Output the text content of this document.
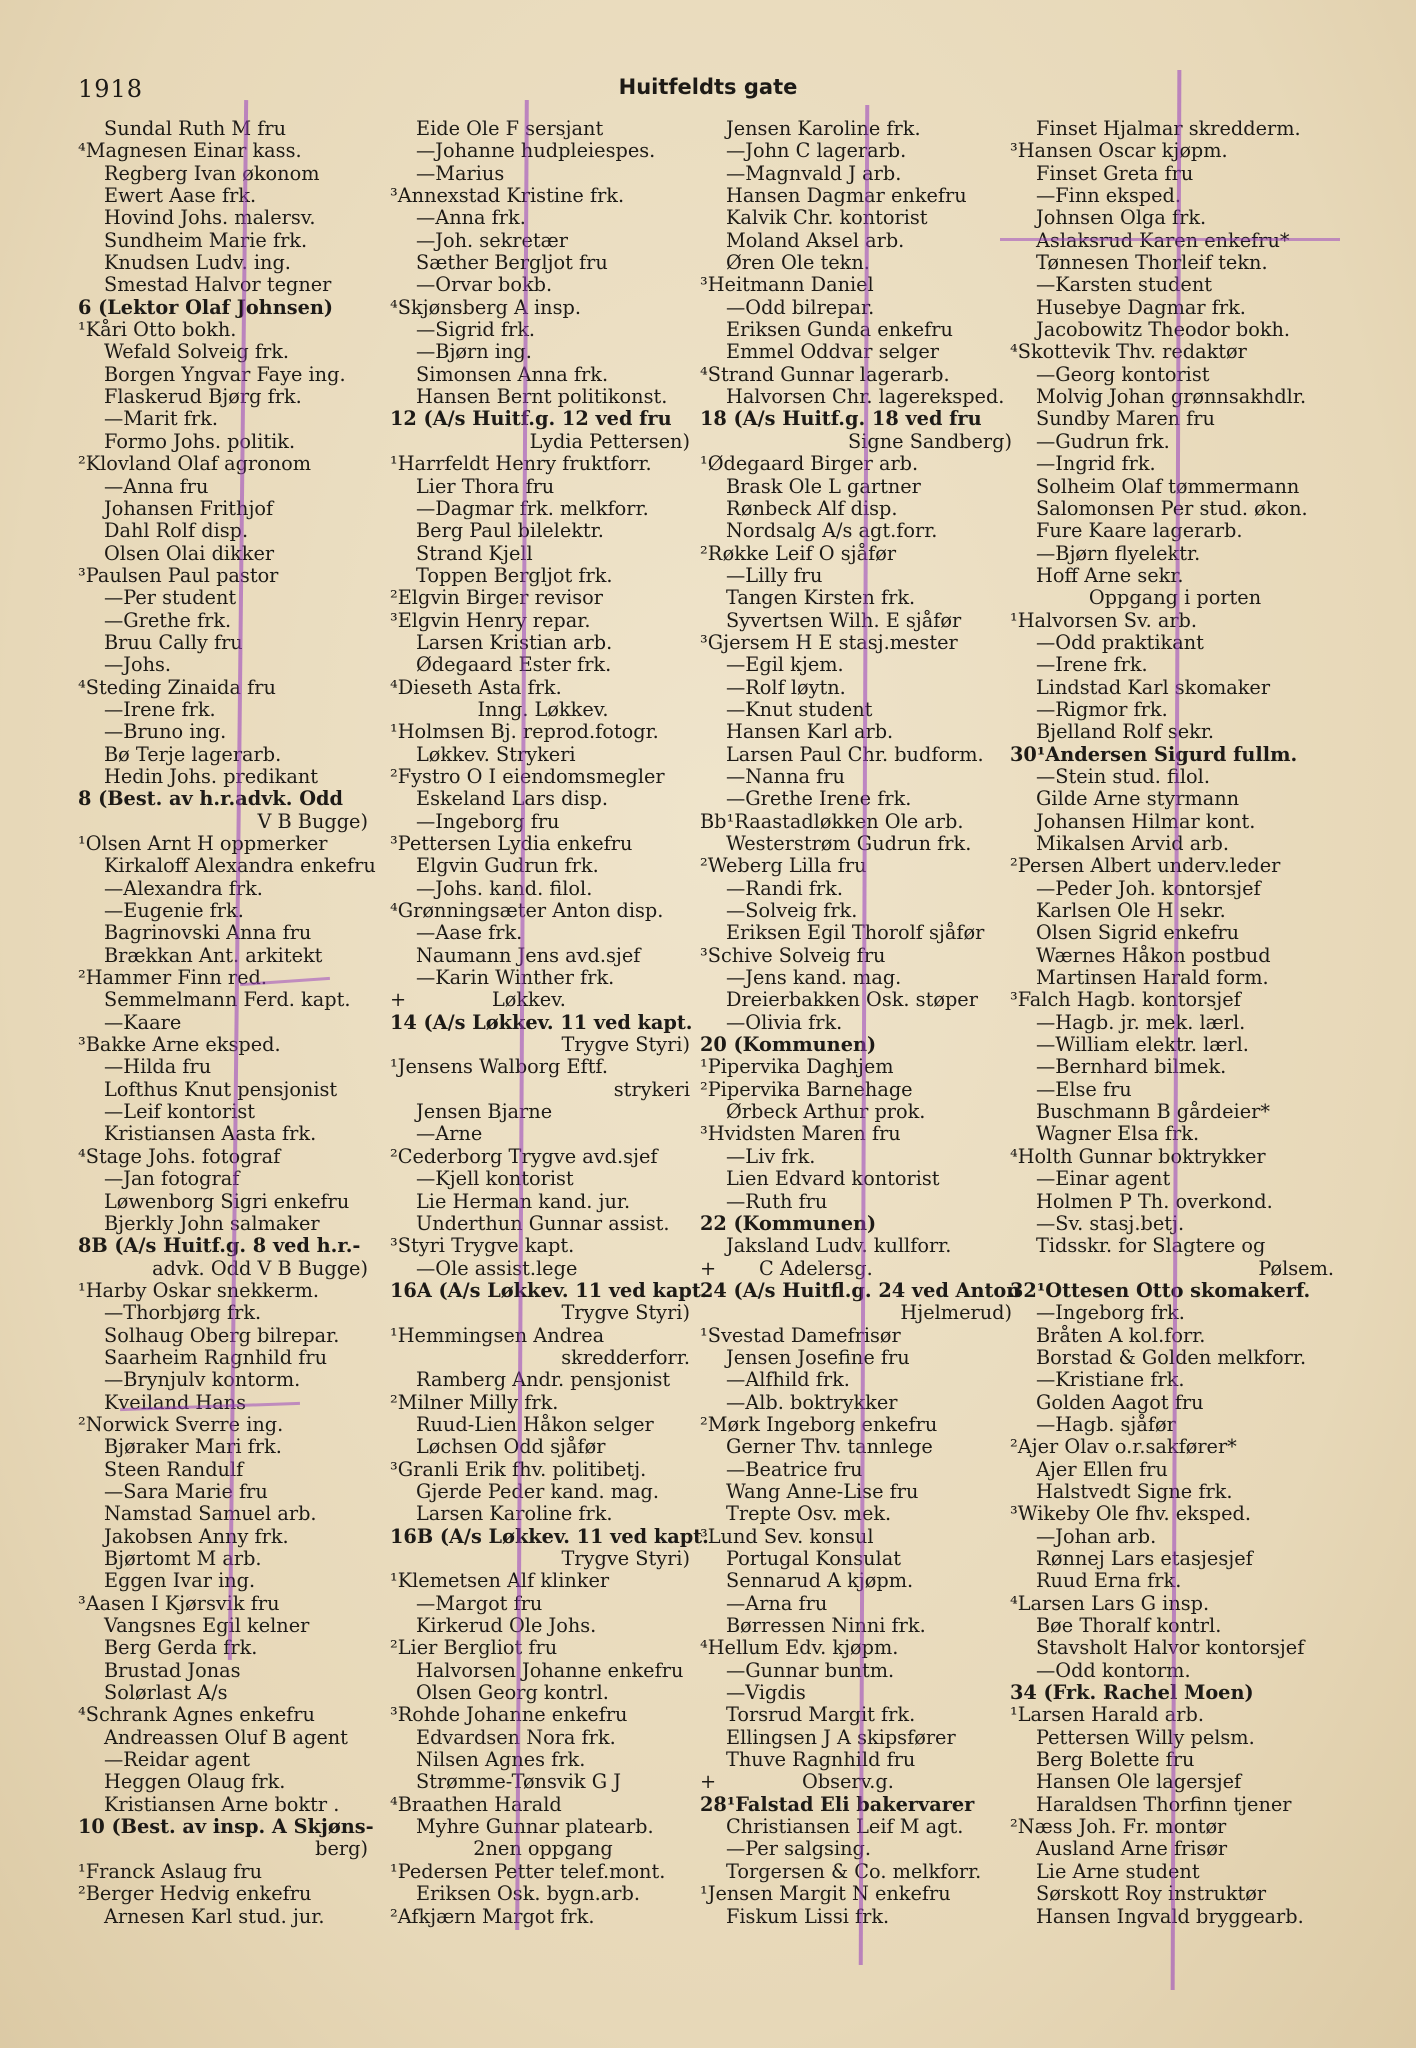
1918	Huitfeldts gate
Sundal Ruth M fru
⁴Magnesen Einar kass.
Regberg Ivan økonom
Ewert Aase frk.
Hovind Johs. malersv.
Sundheim Marie frk.
Knudsen Ludv. ing.
Smestad Halvor tegner
6 (Lektor Olaf Johnsen)
¹Kåri Otto bokh.
Wefald Solveig frk.
Borgen Yngvar Faye ing.
Flaskerud Bjørg frk.
—Marit frk.
Formo Johs. politik.
²Klovland Olaf agronom
—Anna fru
Johansen Frithjof
Dahl Rolf disp.
Olsen Olai dikker
³Paulsen Paul pastor
—Per student
—Grethe frk.
Bruu Cally fru
—Johs.
⁴Steding Zinaida fru
—Irene frk.
—Bruno ing.
Bø Terje lagerarb.
Hedin Johs. predikant
8 (Best. av h.r.advk. Odd
V B Bugge)
¹Olsen Arnt H oppmerker
Kirkaloff Alexandra enkefru
—Alexandra frk.
—Eugenie frk.
Bagrinovski Anna fru
Brækkan Ant. arkitekt
²Hammer Finn red.
Semmelmann Ferd. kapt.
—Kaare
³Bakke Arne eksped.
—Hilda fru
Lofthus Knut pensjonist
—Leif kontorist
Kristiansen Aasta frk.
⁴Stage Johs. fotograf
—Jan fotograf
Løwenborg Sigri enkefru
Bjerkly John salmaker
8B (A/s Huitf.g. 8 ved h.r.-
advk. Odd V B Bugge)
¹Harby Oskar snekkerm.
—Thorbjørg frk.
Solhaug Oberg bilrepar.
Saarheim Ragnhild fru
—Brynjulv kontorm.
Kveiland Hans
²Norwick Sverre ing.
Bjøraker Mari frk.
Steen Randulf
—Sara Marie fru
Namstad Samuel arb.
Jakobsen Anny frk.
Bjørtomt M arb.
Eggen Ivar ing.
³Aasen I Kjørsvik fru
Vangsnes Egil kelner
Berg Gerda frk.
Brustad Jonas
Solørlast A/s
⁴Schrank Agnes enkefru
Andreassen Oluf B agent
—Reidar agent
Heggen Olaug frk.
Kristiansen Arne boktr .
10 (Best. av insp. A Skjøns-
berg)
¹Franck Aslaug fru
²Berger Hedvig enkefru
Arnesen Karl stud. jur.
Eide Ole F sersjant
—Johanne hudpleiespes.
—Marius
³Annexstad Kristine frk.
—Anna frk.
—Joh. sekretær
Sæther Bergljot fru
—Orvar bokb.
⁴Skjønsberg A insp.
—Sigrid frk.
—Bjørn ing.
Simonsen Anna frk.
Hansen Bernt politikonst.
12 (A/s Huitf.g. 12 ved fru
Lydia Pettersen)
¹Harrfeldt Henry fruktforr.
Lier Thora fru
—Dagmar frk. melkforr.
Berg Paul bilelektr.
Strand Kjell
Toppen Bergljot frk.
²Elgvin Birger revisor
³Elgvin Henry repar.
Larsen Kristian arb.
Ødegaard Ester frk.
⁴Dieseth Asta frk.
Inng. Løkkev.
¹Holmsen Bj. reprod.fotogr.
Løkkev. Strykeri
²Fystro O I eiendomsmegler
Eskeland Lars disp.
—Ingeborg fru
³Pettersen Lydia enkefru
Elgvin Gudrun frk.
—Johs. kand. filol.
⁴Grønningsæter Anton disp.
—Aase frk.
Naumann Jens avd.sjef
—Karin Winther frk.
+              Løkkev.
14 (A/s Løkkev. 11 ved kapt.
Trygve Styri)
¹Jensens Walborg Eftf.
strykeri
Jensen Bjarne
—Arne
²Cederborg Trygve avd.sjef
—Kjell kontorist
Lie Herman kand. jur.
Underthun Gunnar assist.
³Styri Trygve kapt.
—Ole assist.lege
16A (A/s Løkkev. 11 ved kapt.
Trygve Styri)
¹Hemmingsen Andrea
skredderforr.
Ramberg Andr. pensjonist
²Milner Milly frk.
Ruud-Lien Håkon selger
Løchsen Odd sjåfør
³Granli Erik fhv. politibetj.
Gjerde Peder kand. mag.
Larsen Karoline frk.
16B (A/s Løkkev. 11 ved kapt.
Trygve Styri)
¹Klemetsen Alf klinker
—Margot fru
Kirkerud Ole Johs.
²Lier Bergliot fru
Halvorsen Johanne enkefru
Olsen Georg kontrl.
³Rohde Johanne enkefru
Edvardsen Nora frk.
Nilsen Agnes frk.
Strømme-Tønsvik G J
⁴Braathen Harald
Myhre Gunnar platearb.
2nen oppgang
¹Pedersen Petter telef.mont.
Eriksen Osk. bygn.arb.
²Afkjærn Margot frk.
Jensen Karoline frk.
—John C lagerarb.
—Magnvald J arb.
Hansen Dagmar enkefru
Kalvik Chr. kontorist
Moland Aksel arb.
Øren Ole tekn.
³Heitmann Daniel
—Odd bilrepar.
Eriksen Gunda enkefru
Emmel Oddvar selger
⁴Strand Gunnar lagerarb.
Halvorsen Chr. lagereksped.
18 (A/s Huitf.g. 18 ved fru
Signe Sandberg)
¹Ødegaard Birger arb.
Brask Ole L gartner
Rønbeck Alf disp.
Nordsalg A/s agt.forr.
²Røkke Leif O sjåfør
—Lilly fru
Tangen Kirsten frk.
Syvertsen Wilh. E sjåfør
³Gjersem H E stasj.mester
—Egil kjem.
—Rolf løytn.
—Knut student
Hansen Karl arb.
Larsen Paul Chr. budform.
—Nanna fru
—Grethe Irene frk.
Bb¹Raastadløkken Ole arb.
Westerstrøm Gudrun frk.
²Weberg Lilla fru
—Randi frk.
—Solveig frk.
Eriksen Egil Thorolf sjåfør
³Schive Solveig fru
—Jens kand. mag.
Dreierbakken Osk. støper
—Olivia frk.
20 (Kommunen)
¹Pipervika Daghjem
²Pipervika Barnehage
Ørbeck Arthur prok.
³Hvidsten Maren fru
—Liv frk.
Lien Edvard kontorist
—Ruth fru
22 (Kommunen)
Jaksland Ludv. kullforr.
+       C Adelersg.
24 (A/s Huitfl.g. 24 ved Anton
Hjelmerud)
¹Svestad Damefrisør
Jensen Josefine fru
—Alfhild frk.
—Alb. boktrykker
²Mørk Ingeborg enkefru
Gerner Thv. tannlege
—Beatrice fru
Wang Anne-Lise fru
Trepte Osv. mek.
³Lund Sev. konsul
Portugal Konsulat
Sennarud A kjøpm.
—Arna fru
Børressen Ninni frk.
⁴Hellum Edv. kjøpm.
—Gunnar buntm.
—Vigdis
Torsrud Margit frk.
Ellingsen J A skipsfører
Thuve Ragnhild fru
+              Observ.g.
28¹Falstad Eli bakervarer
Christiansen Leif M agt.
—Per salgsing.
Torgersen & Co. melkforr.
¹Jensen Margit N enkefru
Fiskum Lissi frk.
Finset Hjalmar skredderm.
³Hansen Oscar kjøpm.
Finset Greta fru
—Finn eksped.
Johnsen Olga frk.
Aslaksrud Karen enkefru*
Tønnesen Thorleif tekn.
—Karsten student
Husebye Dagmar frk.
Jacobowitz Theodor bokh.
⁴Skottevik Thv. redaktør
—Georg kontorist
Molvig Johan grønnsakhdlr.
Sundby Maren fru
—Gudrun frk.
—Ingrid frk.
Solheim Olaf tømmermann
Salomonsen Per stud. økon.
Fure Kaare lagerarb.
—Bjørn flyelektr.
Hoff Arne sekr.
Oppgang i porten
¹Halvorsen Sv. arb.
—Odd praktikant
—Irene frk.
Lindstad Karl skomaker
—Rigmor frk.
Bjelland Rolf sekr.
30¹Andersen Sigurd fullm.
—Stein stud. filol.
Gilde Arne styrmann
Johansen Hilmar kont.
Mikalsen Arvid arb.
²Persen Albert underv.leder
—Peder Joh. kontorsjef
Karlsen Ole H sekr.
Olsen Sigrid enkefru
Wærnes Håkon postbud
Martinsen Harald form.
³Falch Hagb. kontorsjef
—Hagb. jr. mek. lærl.
—William elektr. lærl.
—Bernhard bilmek.
—Else fru
Buschmann B gårdeier*
Wagner Elsa frk.
⁴Holth Gunnar boktrykker
—Einar agent
Holmen P Th. overkond.
—Sv. stasj.betj.
Tidsskr. for Slagtere og
Pølsem.
32¹Ottesen Otto skomakerf.
—Ingeborg frk.
Bråten A kol.forr.
Borstad & Golden melkforr.
—Kristiane frk.
Golden Aagot fru
—Hagb. sjåfør
²Ajer Olav o.r.sakfører*
Ajer Ellen fru
Halstvedt Signe frk.
³Wikeby Ole fhv. eksped.
—Johan arb.
Rønnej Lars etasjesjef
Ruud Erna frk.
⁴Larsen Lars G insp.
Bøe Thoralf kontrl.
Stavsholt Halvor kontorsjef
—Odd kontorm.
34 (Frk. Rachel Moen)
¹Larsen Harald arb.
Pettersen Willy pelsm.
Berg Bolette fru
Hansen Ole lagersjef
Haraldsen Thorfinn tjener
²Næss Joh. Fr. montør
Ausland Arne frisør
Lie Arne student
Sørskott Roy instruktør
Hansen Ingvald bryggearb.
